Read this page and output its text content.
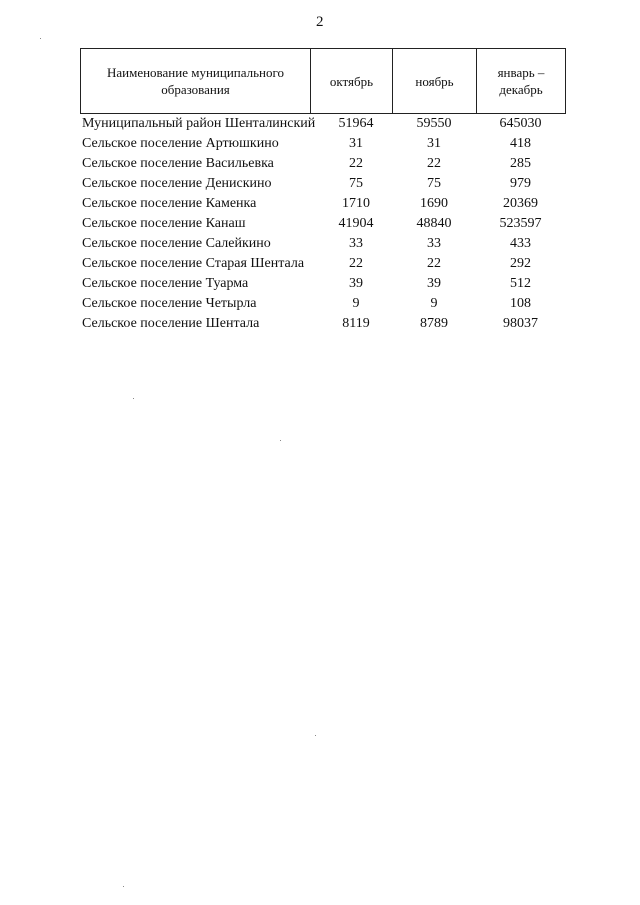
2
Наименование муниципального образования	октябрь	ноябрь	январь – декабрь
Муниципальный район Шенталинский	51964	59550	645030
Сельское поселение Артюшкино	31	31	418
Сельское поселение Васильевка	22	22	285
Сельское поселение Денискино	75	75	979
Сельское поселение Каменка	1710	1690	20369
Сельское поселение Канаш	41904	48840	523597
Сельское поселение Салейкино	33	33	433
Сельское поселение Старая Шентала	22	22	292
Сельское поселение Туарма	39	39	512
Сельское поселение Четырла	9	9	108
Сельское поселение Шентала	8119	8789	98037
